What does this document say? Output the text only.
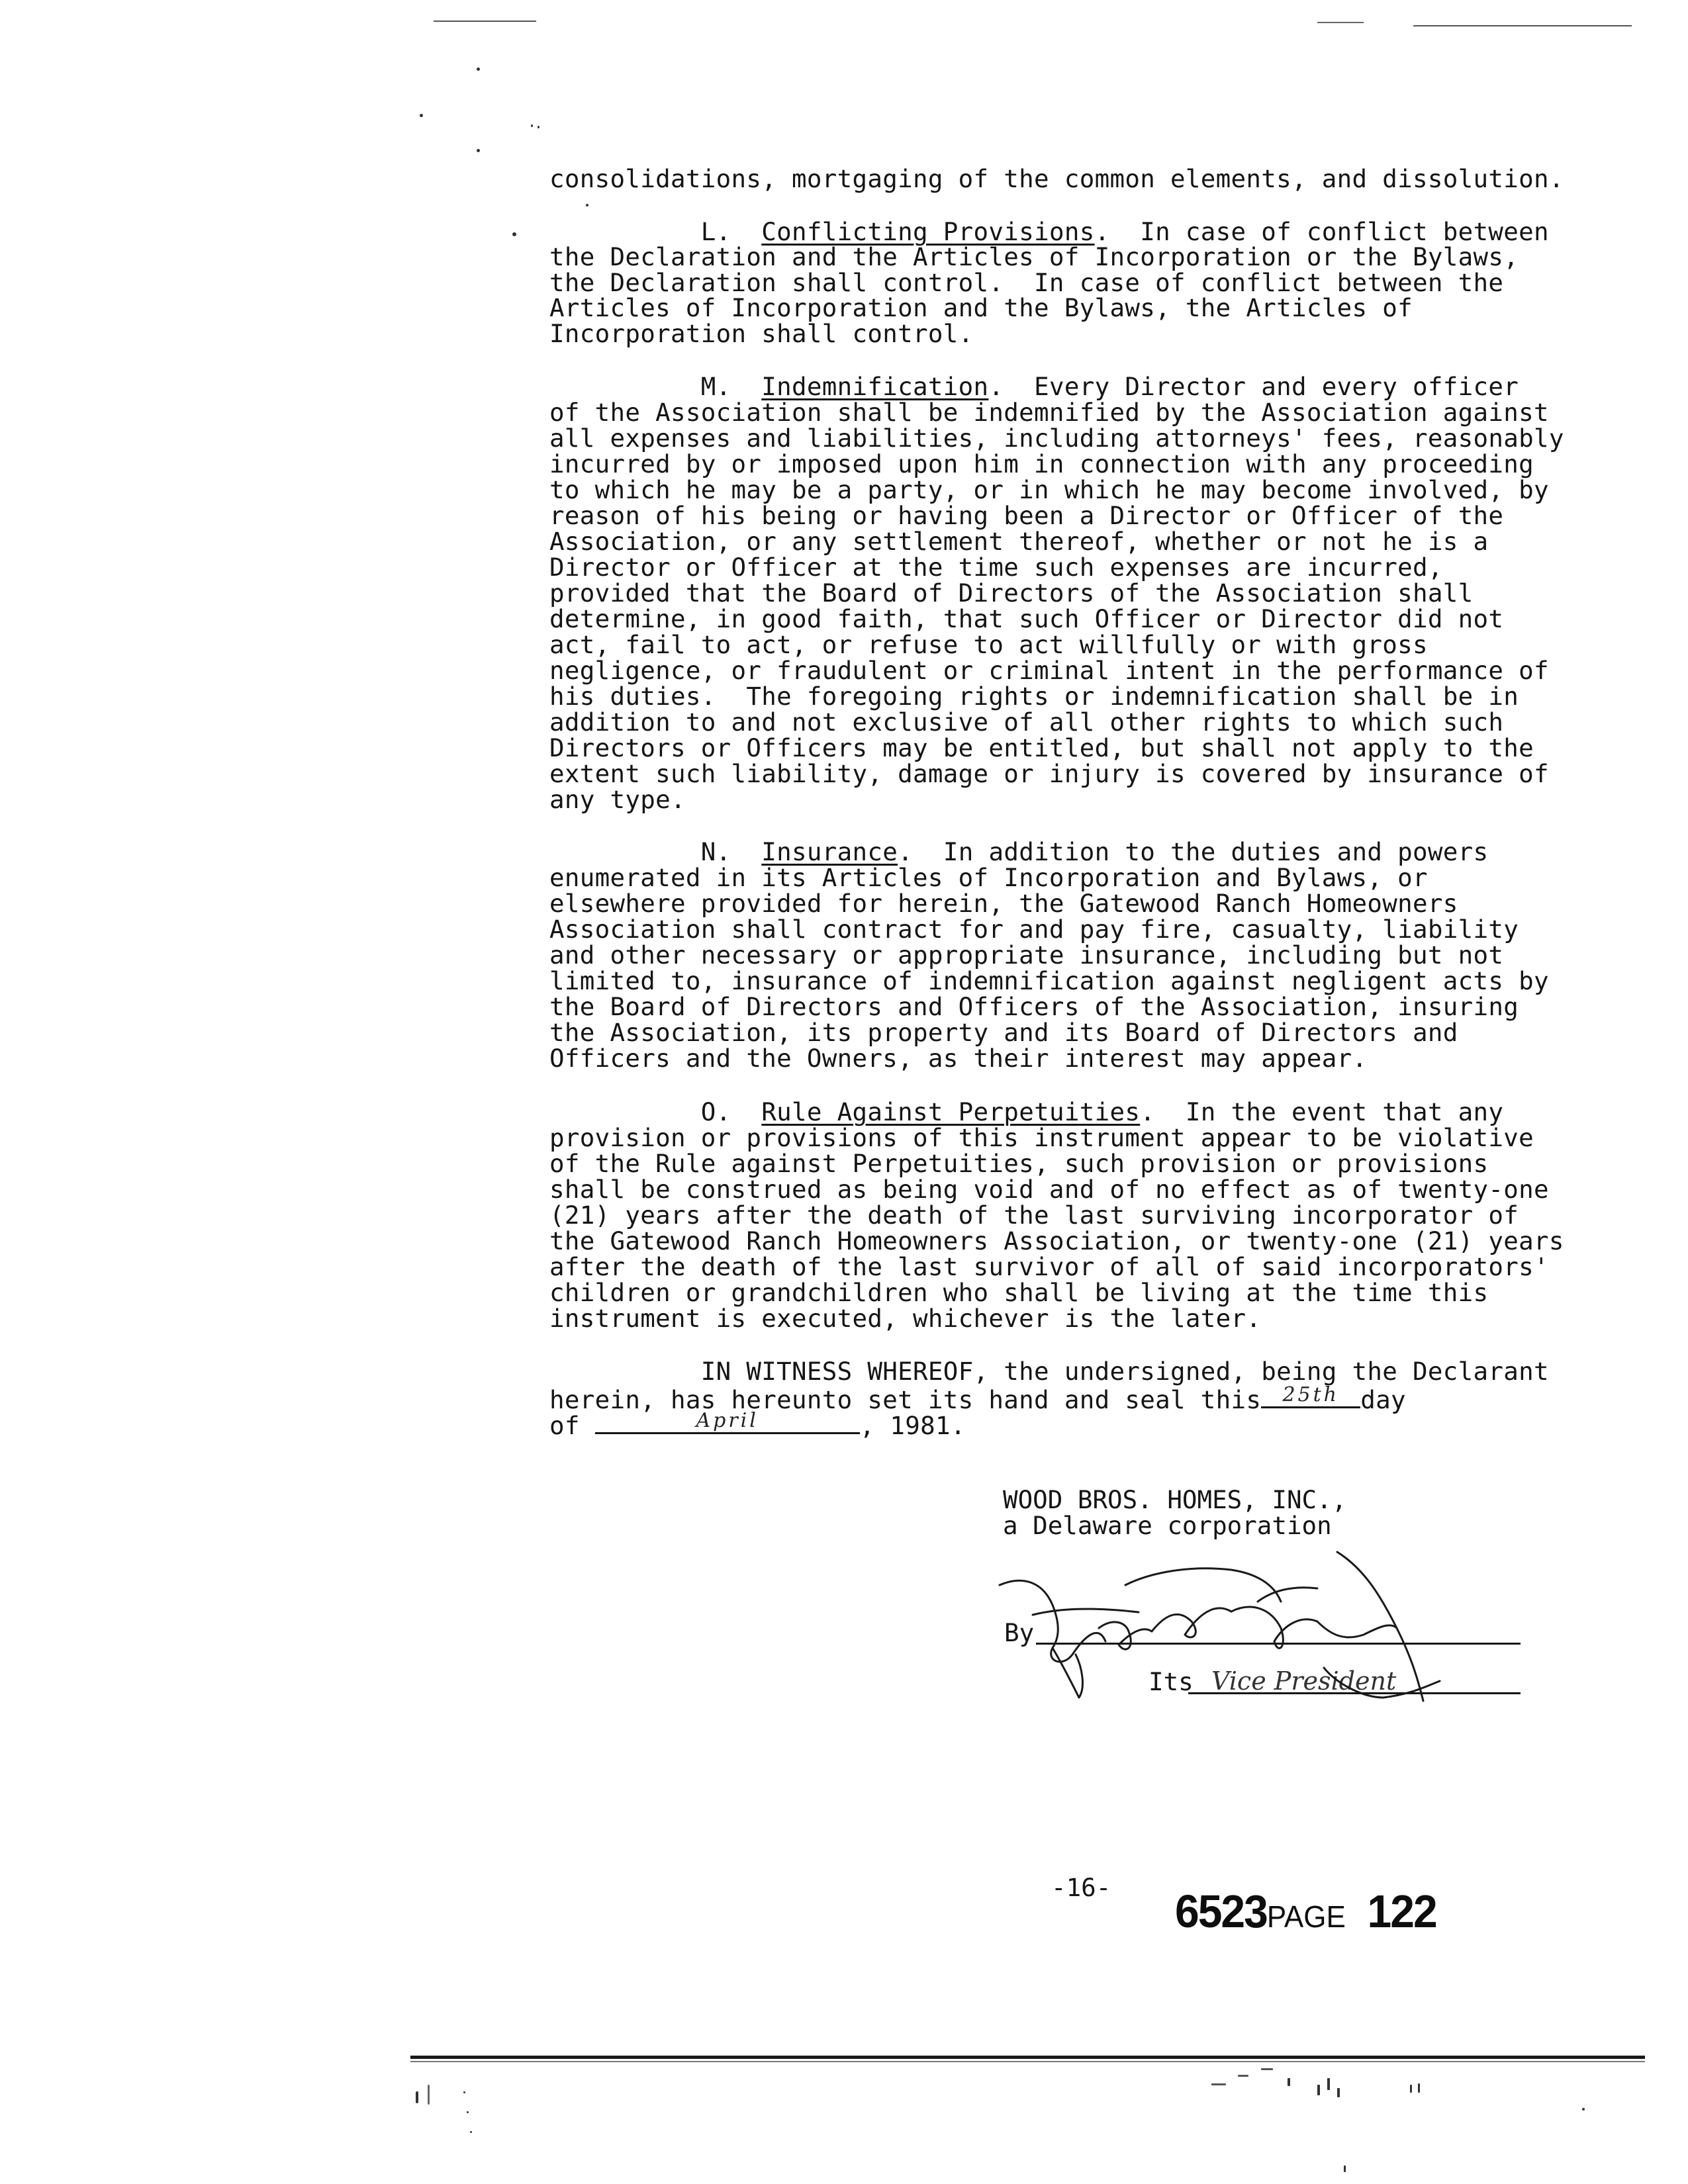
consolidations, mortgaging of the common elements, and dissolution.
L.  Conflicting Provisions.  In case of conflict between
the Declaration and the Articles of Incorporation or the Bylaws,
the Declaration shall control.  In case of conflict between the
Articles of Incorporation and the Bylaws, the Articles of
Incorporation shall control.
M.  Indemnification.  Every Director and every officer
of the Association shall be indemnified by the Association against
all expenses and liabilities, including attorneys' fees, reasonably
incurred by or imposed upon him in connection with any proceeding
to which he may be a party, or in which he may become involved, by
reason of his being or having been a Director or Officer of the
Association, or any settlement thereof, whether or not he is a
Director or Officer at the time such expenses are incurred,
provided that the Board of Directors of the Association shall
determine, in good faith, that such Officer or Director did not
act, fail to act, or refuse to act willfully or with gross
negligence, or fraudulent or criminal intent in the performance of
his duties.  The foregoing rights or indemnification shall be in
addition to and not exclusive of all other rights to which such
Directors or Officers may be entitled, but shall not apply to the
extent such liability, damage or injury is covered by insurance of
any type.
N.  Insurance.  In addition to the duties and powers
enumerated in its Articles of Incorporation and Bylaws, or
elsewhere provided for herein, the Gatewood Ranch Homeowners
Association shall contract for and pay fire, casualty, liability
and other necessary or appropriate insurance, including but not
limited to, insurance of indemnification against negligent acts by
the Board of Directors and Officers of the Association, insuring
the Association, its property and its Board of Directors and
Officers and the Owners, as their interest may appear.
O.  Rule Against Perpetuities.  In the event that any
provision or provisions of this instrument appear to be violative
of the Rule against Perpetuities, such provision or provisions
shall be construed as being void and of no effect as of twenty-one
(21) years after the death of the last surviving incorporator of
the Gatewood Ranch Homeowners Association, or twenty-one (21) years
after the death of the last survivor of all of said incorporators'
children or grandchildren who shall be living at the time this
instrument is executed, whichever is the later.
IN WITNESS WHEREOF, the undersigned, being the Declarant
herein, has hereunto set its hand and seal this	25th day
of	April	, 1981.
WOOD BROS. HOMES, INC.,
a Delaware corporation
By
Its Vice President
-16- 6523PAGE 122
